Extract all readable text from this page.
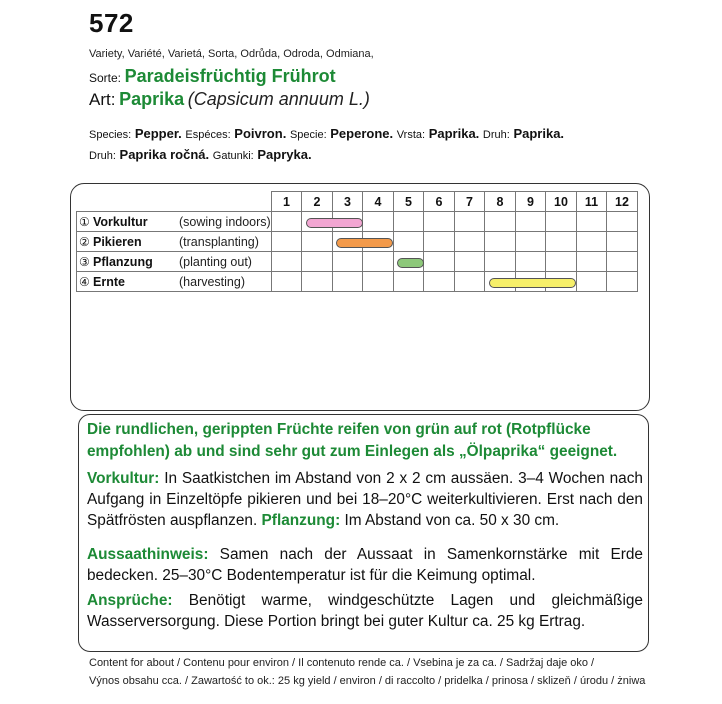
572
Variety, Variété, Varietá, Sorta, Odrůda, Odroda, Odmiana,
Sorte: Paradeisfrüchtig Frührot
Art: Paprika (Capsicum annuum L.)
Species: Pepper. Espéces: Poivron. Specie: Peperone. Vrsta: Paprika. Druh: Paprika.
Druh: Paprika ročná. Gatunki: Papryka.
	1	2	3	4	5	6	7	8	9	10	11	12
① Vorkultur (sowing indoors)												
② Pikieren (transplanting)												
③ Pflanzung (planting out)												
④ Ernte (harvesting)												
Die rundlichen, gerippten Früchte reifen von grün auf rot (Rotpflücke empfohlen) ab und sind sehr gut zum Einlegen als „Ölpaprika“ geeignet.
Vorkultur: In Saatkistchen im Abstand von 2 x 2 cm aussäen. 3–4 Wochen nach Aufgang in Einzeltöpfe pikieren und bei 18–20°C weiterkultivieren. Erst nach den Spätfrösten auspflanzen. Pflanzung: Im Abstand von ca. 50 x 30 cm.
Aussaathinweis: Samen nach der Aussaat in Samenkornstärke mit Erde bedecken. 25–30°C Bodentemperatur ist für die Keimung optimal.
Ansprüche: Benötigt warme, windgeschützte Lagen und gleichmäßige Wasserversorgung. Diese Portion bringt bei guter Kultur ca. 25 kg Ertrag.
Content for about / Contenu pour environ / Il contenuto rende ca. / Vsebina je za ca. / Sadržaj daje oko /
Výnos obsahu cca. / Zawartość to ok.: 25 kg yield / environ / di raccolto / pridelka / prinosa / sklizeň / úrodu / żniwa
